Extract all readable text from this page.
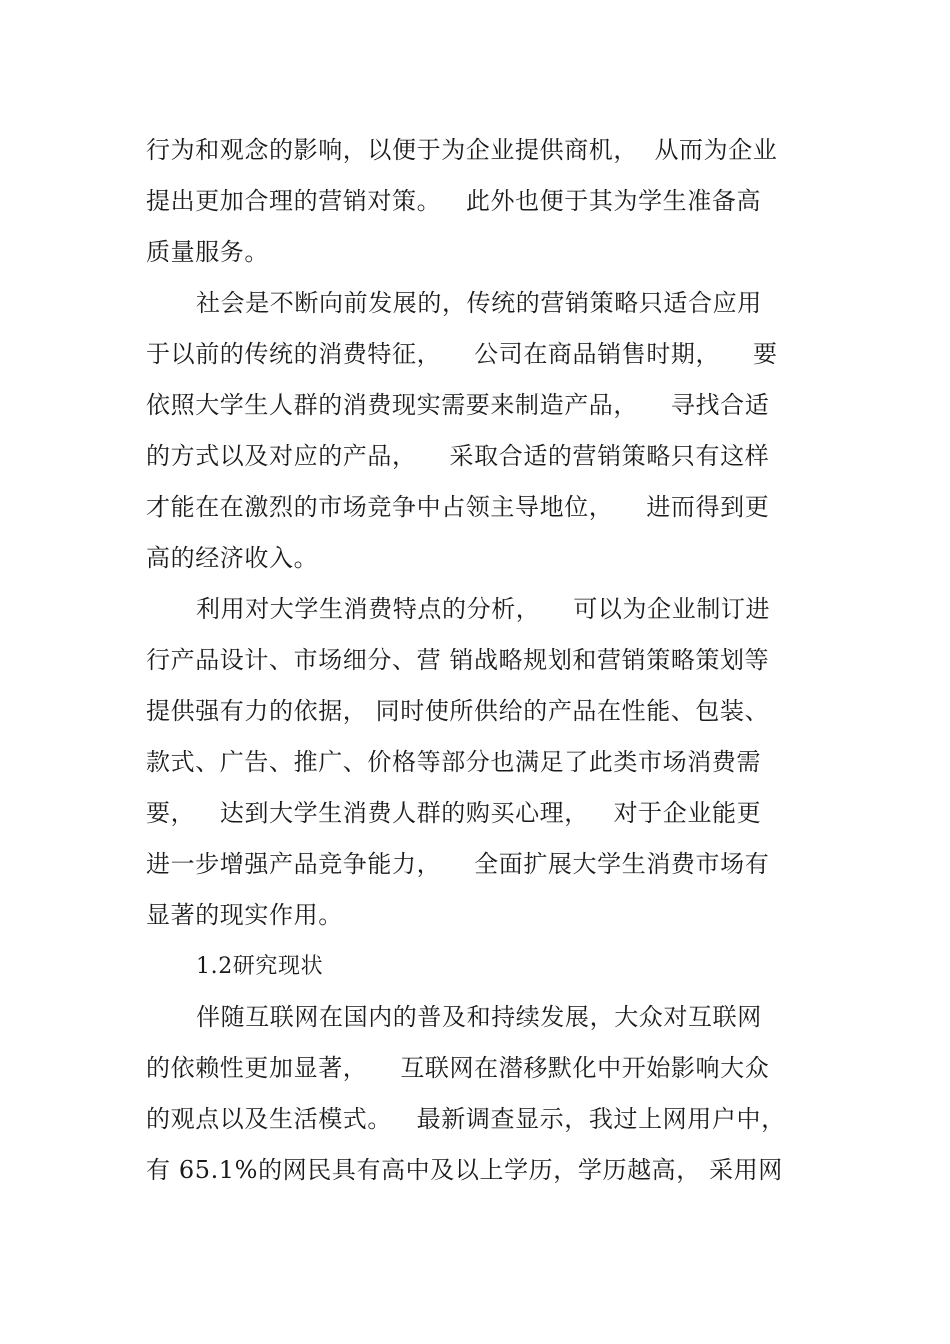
行为和观念的影响，以便于为企业提供商机，  从而为企业
提出更加合理的营销对策。   此外也便于其为学生准备高
质量服务。
社会是不断向前发展的，传统的营销策略只适合应用
于以前的传统的消费特征，    公司在商品销售时期，    要
依照大学生人群的消费现实需要来制造产品，    寻找合适
的方式以及对应的产品，    采取合适的营销策略只有这样
才能在在激烈的市场竞争中占领主导地位，    进而得到更
高的经济收入。
利用对大学生消费特点的分析，    可以为企业制订进
行产品设计、市场细分、营 销战略规划和营销策略策划等
提供强有力的依据， 同时使所供给的产品在性能、包装、
款式、广告、推广、价格等部分也满足了此类市场消费需
要，   达到大学生消费人群的购买心理，   对于企业能更
进一步增强产品竞争能力，    全面扩展大学生消费市场有
显著的现实作用。
1.2研究现状
伴随互联网在国内的普及和持续发展，大众对互联网
的依赖性更加显著，    互联网在潜移默化中开始影响大众
的观点以及生活模式。   最新调查显示，我过上网用户中，
有 65.1%的网民具有高中及以上学历，学历越高， 采用网
